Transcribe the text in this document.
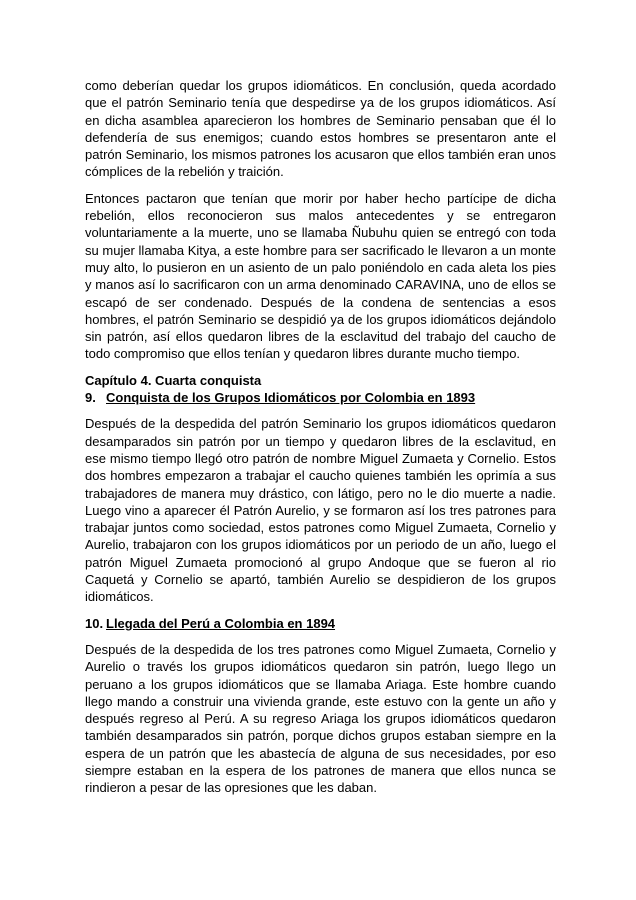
como deberían quedar los grupos idiomáticos. En conclusión, queda acordado que el patrón Seminario tenía que despedirse ya de los grupos idiomáticos. Así en dicha asamblea aparecieron los hombres de Seminario pensaban que él lo defendería de sus enemigos; cuando estos hombres se presentaron ante el patrón Seminario, los mismos patrones los acusaron que ellos también eran unos cómplices de la rebelión y traición.

Entonces pactaron que tenían que morir por haber hecho partícipe de dicha rebelión, ellos reconocieron sus malos antecedentes y se entregaron voluntariamente a la muerte, uno se llamaba Ñubuhu quien se entregó con toda su mujer llamaba Kitya, a este hombre para ser sacrificado le llevaron a un monte muy alto, lo pusieron en un asiento de un palo poniéndolo en cada aleta los pies y manos así lo sacrificaron con un arma denominado CARAVINA, uno de ellos se escapó de ser condenado. Después de la condena de sentencias a esos hombres, el patrón Seminario se despidió ya de los grupos idiomáticos dejándolo sin patrón, así ellos quedaron libres de la esclavitud del trabajo del caucho de todo compromiso que ellos tenían y quedaron libres durante mucho tiempo.

Capítulo 4. Cuarta conquista
9. Conquista de los Grupos Idiomáticos por Colombia en 1893

Después de la despedida del patrón Seminario los grupos idiomáticos quedaron desamparados sin patrón por un tiempo y quedaron libres de la esclavitud, en ese mismo tiempo llegó otro patrón de nombre Miguel Zumaeta y Cornelio. Estos dos hombres empezaron a trabajar el caucho quienes también les oprimía a sus trabajadores de manera muy drástico, con látigo, pero no le dio muerte a nadie. Luego vino a aparecer él Patrón Aurelio, y se formaron así los tres patrones para trabajar juntos como sociedad, estos patrones como Miguel Zumaeta, Cornelio y Aurelio, trabajaron con los grupos idiomáticos por un periodo de un año, luego el patrón Miguel Zumaeta promocionó al grupo Andoque que se fueron al rio Caquetá y Cornelio se apartó, también Aurelio se despidieron de los grupos idiomáticos.

10. Llegada del Perú a Colombia en 1894

Después de la despedida de los tres patrones como Miguel Zumaeta, Cornelio y Aurelio o través los grupos idiomáticos quedaron sin patrón, luego llego un peruano a los grupos idiomáticos que se llamaba Ariaga. Este hombre cuando llego mando a construir una vivienda grande, este estuvo con la gente un año y después regreso al Perú. A su regreso Ariaga los grupos idiomáticos quedaron también desamparados sin patrón, porque dichos grupos estaban siempre en la espera de un patrón que les abastecía de alguna de sus necesidades, por eso siempre estaban en la espera de los patrones de manera que ellos nunca se rindieron a pesar de las opresiones que les daban.
